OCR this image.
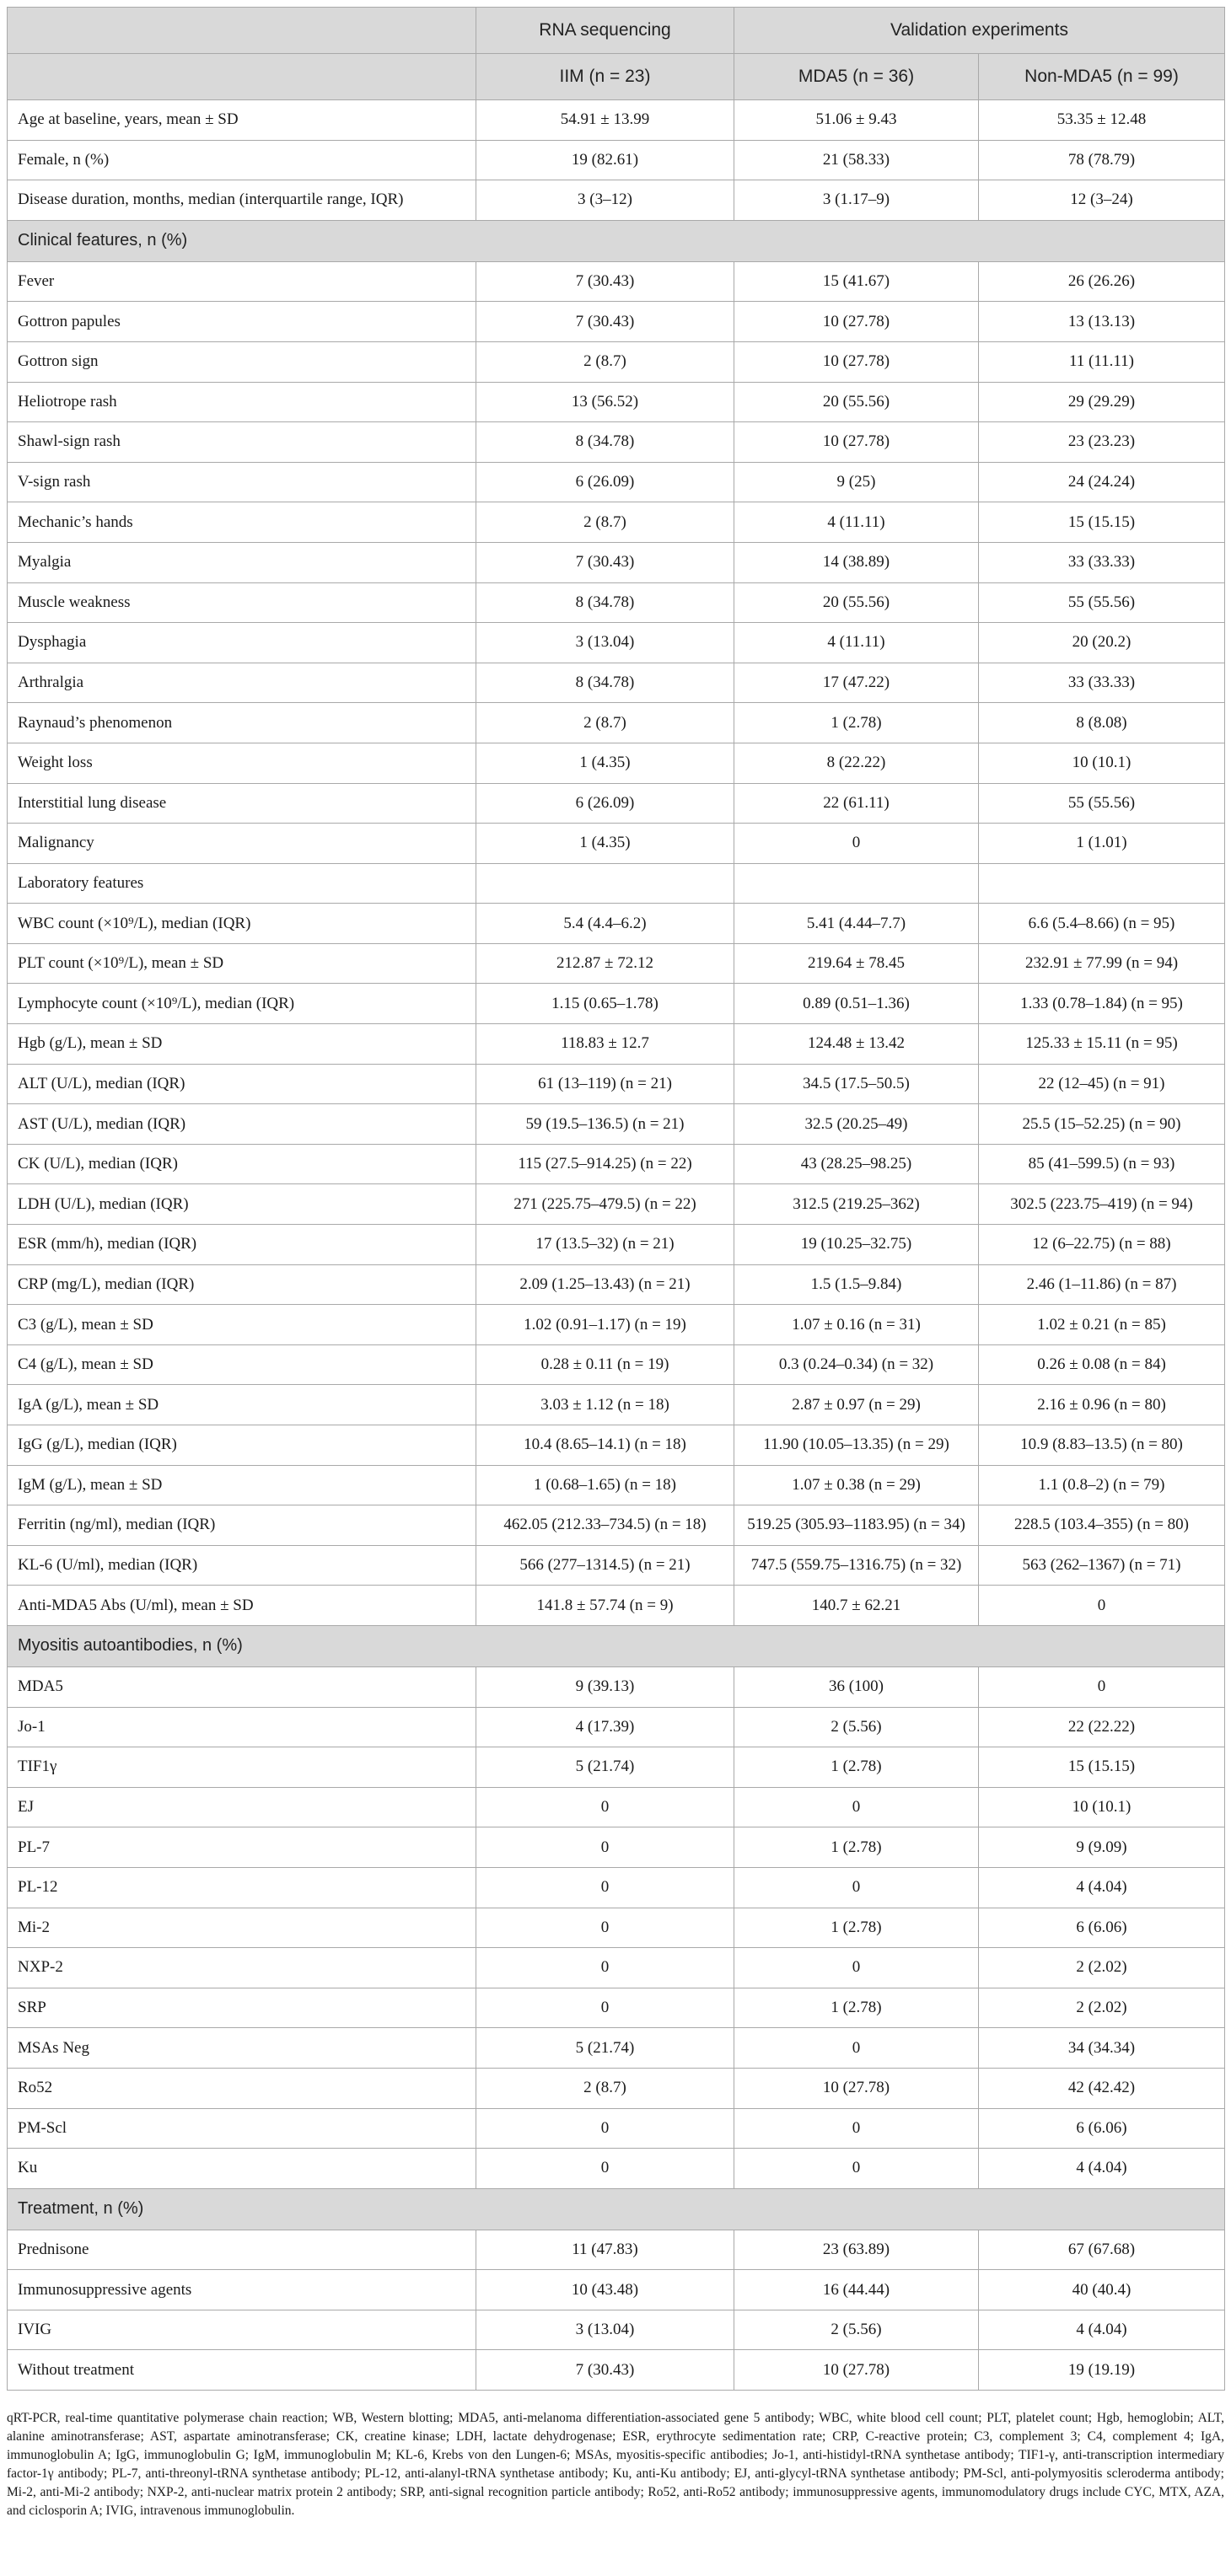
	RNA sequencing	Validation experiments	
	IIM (n = 23)	MDA5 (n = 36)	Non-MDA5 (n = 99)
Age at baseline, years, mean ± SD	54.91 ± 13.99	51.06 ± 9.43	53.35 ± 12.48
Female, n (%)	19 (82.61)	21 (58.33)	78 (78.79)
Disease duration, months, median (interquartile range, IQR)	3 (3–12)	3 (1.17–9)	12 (3–24)
Clinical features, n (%)			
Fever	7 (30.43)	15 (41.67)	26 (26.26)
Gottron papules	7 (30.43)	10 (27.78)	13 (13.13)
Gottron sign	2 (8.7)	10 (27.78)	11 (11.11)
Heliotrope rash	13 (56.52)	20 (55.56)	29 (29.29)
Shawl-sign rash	8 (34.78)	10 (27.78)	23 (23.23)
V-sign rash	6 (26.09)	9 (25)	24 (24.24)
Mechanic’s hands	2 (8.7)	4 (11.11)	15 (15.15)
Myalgia	7 (30.43)	14 (38.89)	33 (33.33)
Muscle weakness	8 (34.78)	20 (55.56)	55 (55.56)
Dysphagia	3 (13.04)	4 (11.11)	20 (20.2)
Arthralgia	8 (34.78)	17 (47.22)	33 (33.33)
Raynaud’s phenomenon	2 (8.7)	1 (2.78)	8 (8.08)
Weight loss	1 (4.35)	8 (22.22)	10 (10.1)
Interstitial lung disease	6 (26.09)	22 (61.11)	55 (55.56)
Malignancy	1 (4.35)	0	1 (1.01)
Laboratory features			
WBC count (×10⁹/L), median (IQR)	5.4 (4.4–6.2)	5.41 (4.44–7.7)	6.6 (5.4–8.66) (n = 95)
PLT count (×10⁹/L), mean ± SD	212.87 ± 72.12	219.64 ± 78.45	232.91 ± 77.99 (n = 94)
Lymphocyte count (×10⁹/L), median (IQR)	1.15 (0.65–1.78)	0.89 (0.51–1.36)	1.33 (0.78–1.84) (n = 95)
Hgb (g/L), mean ± SD	118.83 ± 12.7	124.48 ± 13.42	125.33 ± 15.11 (n = 95)
ALT (U/L), median (IQR)	61 (13–119) (n = 21)	34.5 (17.5–50.5)	22 (12–45) (n = 91)
AST (U/L), median (IQR)	59 (19.5–136.5) (n = 21)	32.5 (20.25–49)	25.5 (15–52.25) (n = 90)
CK (U/L), median (IQR)	115 (27.5–914.25) (n = 22)	43 (28.25–98.25)	85 (41–599.5) (n = 93)
LDH (U/L), median (IQR)	271 (225.75–479.5) (n = 22)	312.5 (219.25–362)	302.5 (223.75–419) (n = 94)
ESR (mm/h), median (IQR)	17 (13.5–32) (n = 21)	19 (10.25–32.75)	12 (6–22.75) (n = 88)
CRP (mg/L), median (IQR)	2.09 (1.25–13.43) (n = 21)	1.5 (1.5–9.84)	2.46 (1–11.86) (n = 87)
C3 (g/L), mean ± SD	1.02 (0.91–1.17) (n = 19)	1.07 ± 0.16 (n = 31)	1.02 ± 0.21 (n = 85)
C4 (g/L), mean ± SD	0.28 ± 0.11 (n = 19)	0.3 (0.24–0.34) (n = 32)	0.26 ± 0.08 (n = 84)
IgA (g/L), mean ± SD	3.03 ± 1.12 (n = 18)	2.87 ± 0.97 (n = 29)	2.16 ± 0.96 (n = 80)
IgG (g/L), median (IQR)	10.4 (8.65–14.1) (n = 18)	11.90 (10.05–13.35) (n = 29)	10.9 (8.83–13.5) (n = 80)
IgM (g/L), mean ± SD	1 (0.68–1.65) (n = 18)	1.07 ± 0.38 (n = 29)	1.1 (0.8–2) (n = 79)
Ferritin (ng/ml), median (IQR)	462.05 (212.33–734.5) (n = 18)	519.25 (305.93–1183.95) (n = 34)	228.5 (103.4–355) (n = 80)
KL-6 (U/ml), median (IQR)	566 (277–1314.5) (n = 21)	747.5 (559.75–1316.75) (n = 32)	563 (262–1367) (n = 71)
Anti-MDA5 Abs (U/ml), mean ± SD	141.8 ± 57.74 (n = 9)	140.7 ± 62.21	0
Myositis autoantibodies, n (%)			
MDA5	9 (39.13)	36 (100)	0
Jo-1	4 (17.39)	2 (5.56)	22 (22.22)
TIF1γ	5 (21.74)	1 (2.78)	15 (15.15)
EJ	0	0	10 (10.1)
PL-7	0	1 (2.78)	9 (9.09)
PL-12	0	0	4 (4.04)
Mi-2	0	1 (2.78)	6 (6.06)
NXP-2	0	0	2 (2.02)
SRP	0	1 (2.78)	2 (2.02)
MSAs Neg	5 (21.74)	0	34 (34.34)
Ro52	2 (8.7)	10 (27.78)	42 (42.42)
PM-Scl	0	0	6 (6.06)
Ku	0	0	4 (4.04)
Treatment, n (%)			
Prednisone	11 (47.83)	23 (63.89)	67 (67.68)
Immunosuppressive agents	10 (43.48)	16 (44.44)	40 (40.4)
IVIG	3 (13.04)	2 (5.56)	4 (4.04)
Without treatment	7 (30.43)	10 (27.78)	19 (19.19)

qRT-PCR, real-time quantitative polymerase chain reaction; WB, Western blotting; MDA5, anti-melanoma differentiation-associated gene 5 antibody; WBC, white blood cell count; PLT, platelet count; Hgb, hemoglobin; ALT, alanine aminotransferase; AST, aspartate aminotransferase; CK, creatine kinase; LDH, lactate dehydrogenase; ESR, erythrocyte sedimentation rate; CRP, C-reactive protein; C3, complement 3; C4, complement 4; IgA, immunoglobulin A; IgG, immunoglobulin G; IgM, immunoglobulin M; KL-6, Krebs von den Lungen-6; MSAs, myositis-specific antibodies; Jo-1, anti-histidyl-tRNA synthetase antibody; TIF1-γ, anti-transcription intermediary factor-1γ antibody; PL-7, anti-threonyl-tRNA synthetase antibody; PL-12, anti-alanyl-tRNA synthetase antibody; Ku, anti-Ku antibody; EJ, anti-glycyl-tRNA synthetase antibody; PM-Scl, anti-polymyositis scleroderma antibody; Mi-2, anti-Mi-2 antibody; NXP-2, anti-nuclear matrix protein 2 antibody; SRP, anti-signal recognition particle antibody; Ro52, anti-Ro52 antibody; immunosuppressive agents, immunomodulatory drugs include CYC, MTX, AZA, and ciclosporin A; IVIG, intravenous immunoglobulin.
